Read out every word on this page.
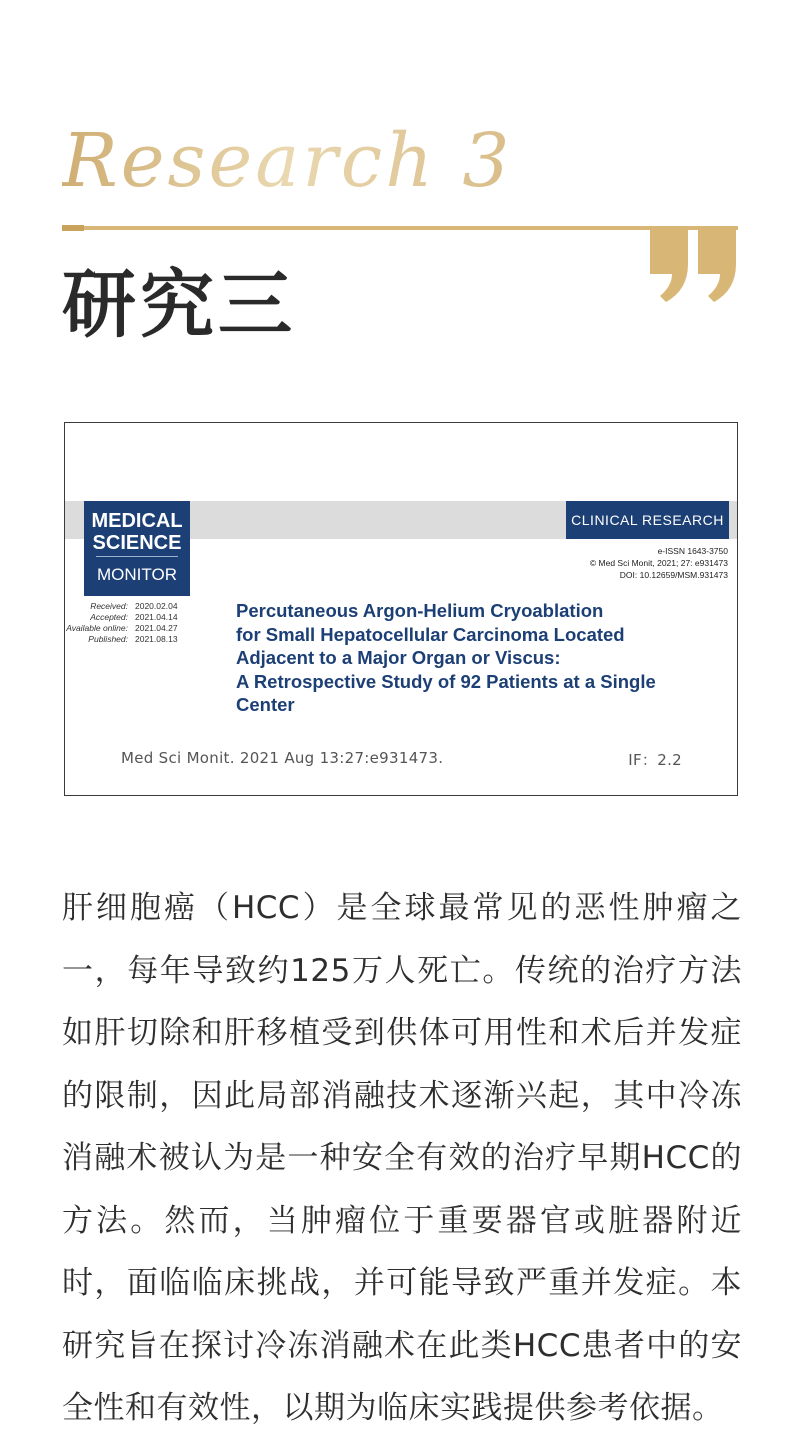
Research 3
研究三
MEDICAL
SCIENCE
MONITOR
CLINICAL RESEARCH
e-ISSN 1643-3750
© Med Sci Monit, 2021; 27: e931473
DOI: 10.12659/MSM.931473
Received: 2020.02.04
Accepted: 2021.04.14
Available online: 2021.04.27
Published: 2021.08.13
Percutaneous Argon-Helium Cryoablation
for Small Hepatocellular Carcinoma Located
Adjacent to a Major Organ or Viscus:
A Retrospective Study of 92 Patients at a Single
Center
Med Sci Monit. 2021 Aug 13:27:e931473.	IF：2.2
肝细胞癌（HCC）是全球最常见的恶性肿瘤之一，每年导致约125万人死亡。传统的治疗方法如肝切除和肝移植受到供体可用性和术后并发症的限制，因此局部消融技术逐渐兴起，其中冷冻消融术被认为是一种安全有效的治疗早期HCC的方法。然而，当肿瘤位于重要器官或脏器附近时，面临临床挑战，并可能导致严重并发症。本研究旨在探讨冷冻消融术在此类HCC患者中的安全性和有效性，以期为临床实践提供参考依据。
